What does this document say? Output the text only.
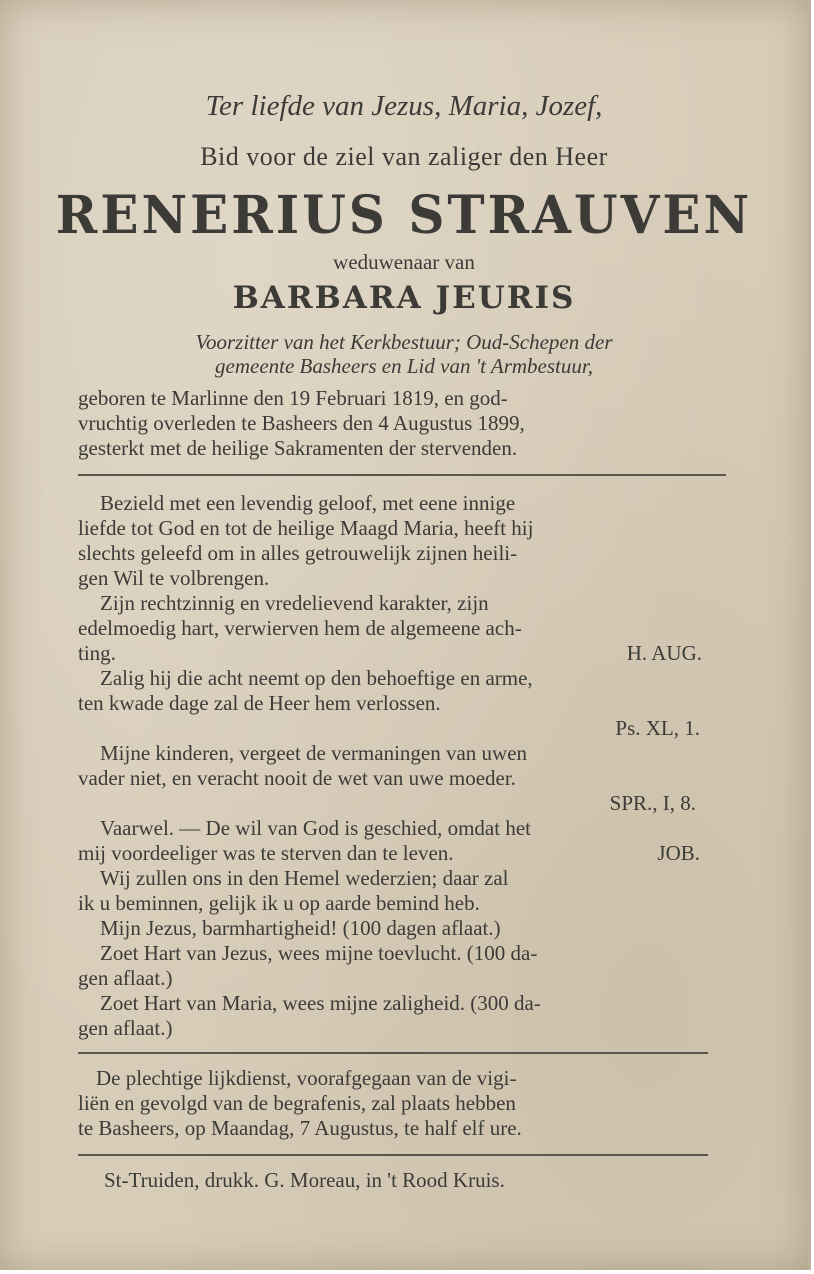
Ter liefde van Jezus, Maria, Jozef,
Bid voor de ziel van zaliger den Heer
RENERIUS STRAUVEN
weduwenaar van
BARBARA JEURIS
Voorzitter van het Kerkbestuur; Oud-Schepen der
gemeente Basheers en Lid van 't Armbestuur,
geboren te Marlinne den 19 Februari 1819, en god-
vruchtig overleden te Basheers den 4 Augustus 1899,
gesterkt met de heilige Sakramenten der stervenden.
Bezield met een levendig geloof, met eene innige
liefde tot God en tot de heilige Maagd Maria, heeft hij
slechts geleefd om in alles getrouwelijk zijnen heili-
gen Wil te volbrengen.
Zijn rechtzinnig en vredelievend karakter, zijn
edelmoedig hart, verwierven hem de algemeene ach-
ting.	H. AUG.
Zalig hij die acht neemt op den behoeftige en arme,
ten kwade dage zal de Heer hem verlossen.
Ps. XL, 1.
Mijne kinderen, vergeet de vermaningen van uwen
vader niet, en veracht nooit de wet van uwe moeder.
SPR., I, 8.
Vaarwel. — De wil van God is geschied, omdat het
mij voordeeliger was te sterven dan te leven.	JOB.
Wij zullen ons in den Hemel wederzien; daar zal
ik u beminnen, gelijk ik u op aarde bemind heb.
Mijn Jezus, barmhartigheid! (100 dagen aflaat.)
Zoet Hart van Jezus, wees mijne toevlucht. (100 da-
gen aflaat.)
Zoet Hart van Maria, wees mijne zaligheid. (300 da-
gen aflaat.)
De plechtige lijkdienst, voorafgegaan van de vigi-
liën en gevolgd van de begrafenis, zal plaats hebben
te Basheers, op Maandag, 7 Augustus, te half elf ure.
St-Truiden, drukk. G. Moreau, in 't Rood Kruis.
